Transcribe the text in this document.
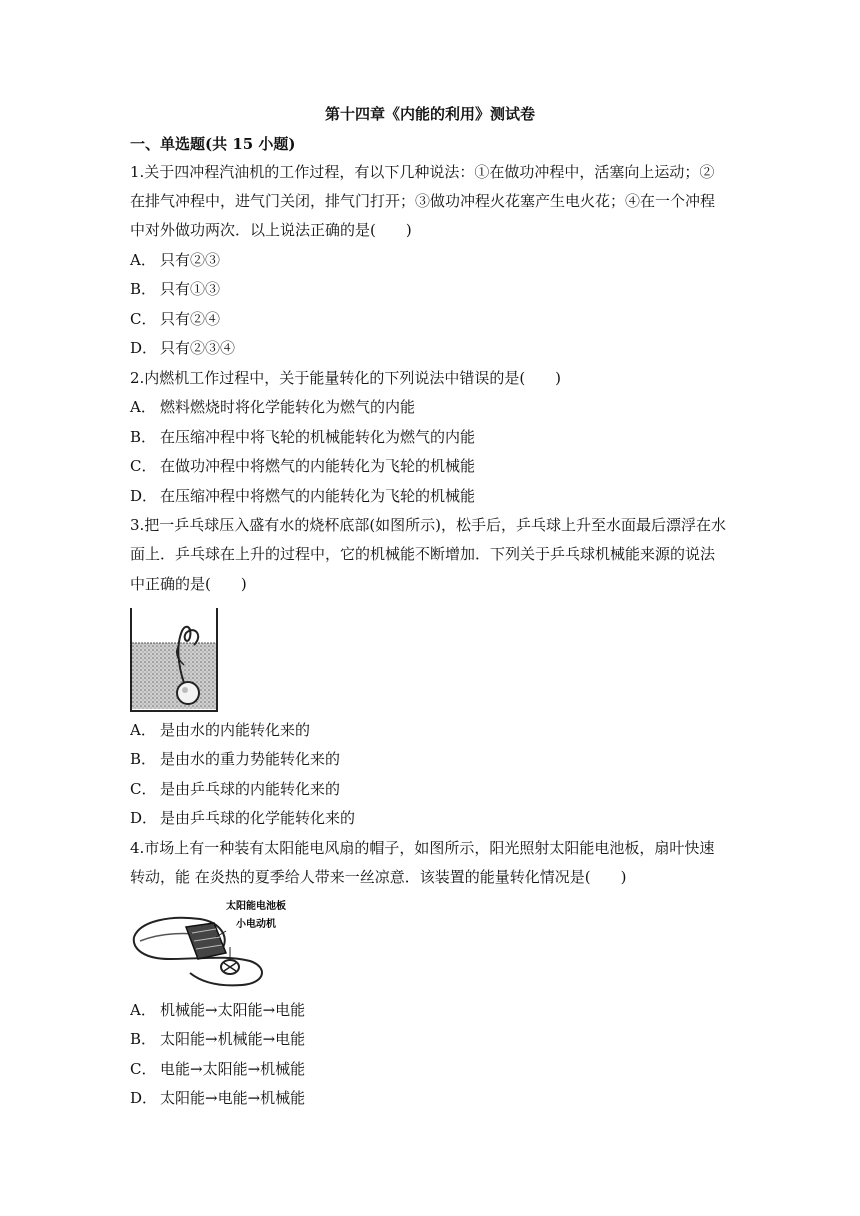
第十四章《内能的利用》测试卷
一、单选题(共 15 小题)
1.关于四冲程汽油机的工作过程，有以下几种说法：①在做功冲程中，活塞向上运动；②
在排气冲程中，进气门关闭，排气门打开；③做功冲程火花塞产生电火花；④在一个冲程
中对外做功两次．以上说法正确的是(　　)
A． 只有②③
B． 只有①③
C． 只有②④
D． 只有②③④
2.内燃机工作过程中，关于能量转化的下列说法中错误的是(　　)
A． 燃料燃烧时将化学能转化为燃气的内能
B． 在压缩冲程中将飞轮的机械能转化为燃气的内能
C． 在做功冲程中将燃气的内能转化为飞轮的机械能
D． 在压缩冲程中将燃气的内能转化为飞轮的机械能
3.把一乒乓球压入盛有水的烧杯底部(如图所示)，松手后，乒乓球上升至水面最后漂浮在水
面上．乒乓球在上升的过程中，它的机械能不断增加．下列关于乒乓球机械能来源的说法
中正确的是(　　)
A． 是由水的内能转化来的
B． 是由水的重力势能转化来的
C． 是由乒乓球的内能转化来的
D． 是由乒乓球的化学能转化来的
4.市场上有一种装有太阳能电风扇的帽子，如图所示，阳光照射太阳能电池板，扇叶快速
转动，能 在炎热的夏季给人带来一丝凉意．该装置的能量转化情况是(　　)
太阳能电池板
小电动机
A． 机械能→太阳能→电能
B． 太阳能→机械能→电能
C． 电能→太阳能→机械能
D． 太阳能→电能→机械能
